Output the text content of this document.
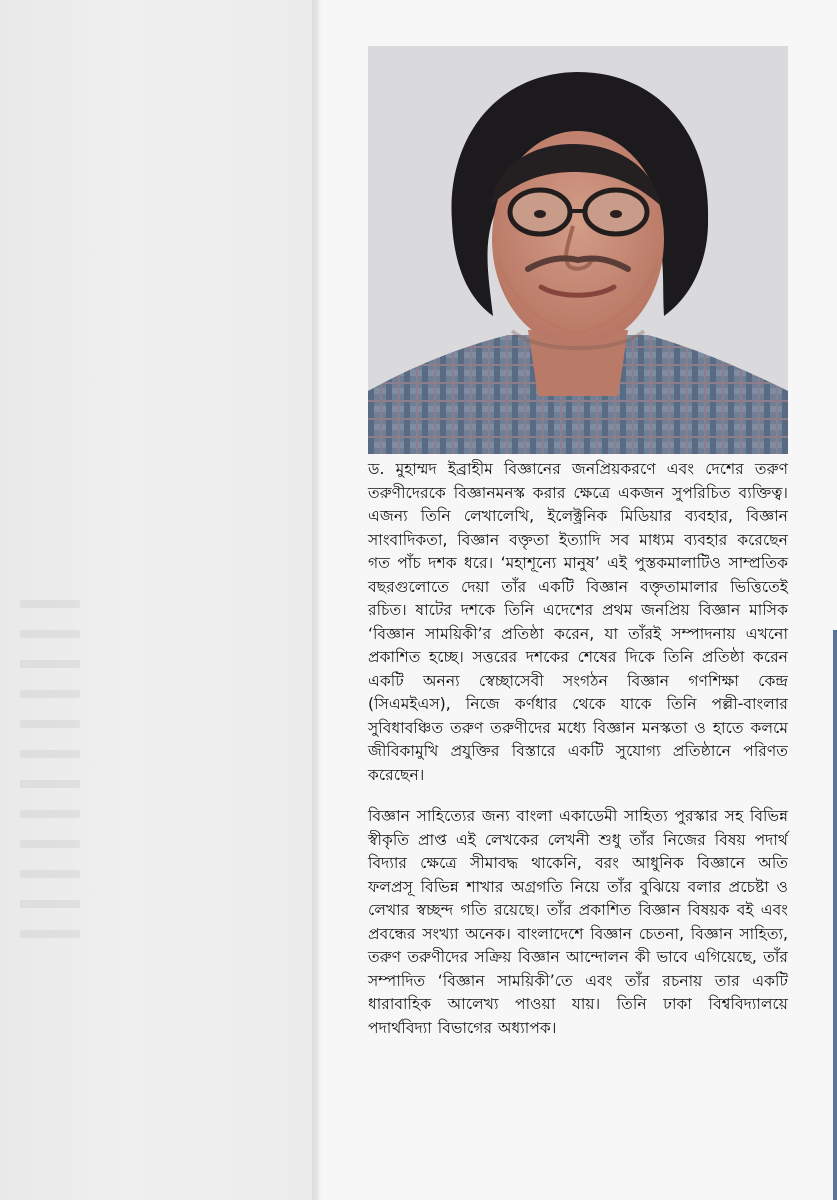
ড. মুহাম্মদ ইব্রাহীম বিজ্ঞানের জনপ্রিয়করণে এবং দেশের তরুণ তরুণীদেরকে বিজ্ঞানমনস্ক করার ক্ষেত্রে একজন সুপরিচিত ব্যক্তিত্ব। এজন্য তিনি লেখালেখি, ইলেক্ট্রনিক মিডিয়ার ব্যবহার, বিজ্ঞান সাংবাদিকতা, বিজ্ঞান বক্তৃতা ইত্যাদি সব মাধ্যম ব্যবহার করেছেন গত পাঁচ দশক ধরে। ‘মহাশূন্যে মানুষ’ এই পুস্তকমালাটিও সাম্প্রতিক বছরগুলোতে দেয়া তাঁর একটি বিজ্ঞান বক্তৃতামালার ভিত্তিতেই রচিত। ষাটের দশকে তিনি এদেশের প্রথম জনপ্রিয় বিজ্ঞান মাসিক ‘বিজ্ঞান সাময়িকী’র প্রতিষ্ঠা করেন, যা তাঁরই সম্পাদনায় এখনো প্রকাশিত হচ্ছে। সত্তরের দশকের শেষের দিকে তিনি প্রতিষ্ঠা করেন একটি অনন্য স্বেচ্ছাসেবী সংগঠন বিজ্ঞান গণশিক্ষা কেন্দ্র (সিএমইএস), নিজে কর্ণধার থেকে যাকে তিনি পল্লী-বাংলার সুবিধাবঞ্চিত তরুণ তরুণীদের মধ্যে বিজ্ঞান মনস্কতা ও হাতে কলমে জীবিকামুখি প্রযুক্তির বিস্তারে একটি সুযোগ্য প্রতিষ্ঠানে পরিণত করেছেন।

বিজ্ঞান সাহিত্যের জন্য বাংলা একাডেমী সাহিত্য পুরস্কার সহ বিভিন্ন স্বীকৃতি প্রাপ্ত এই লেখকের লেখনী শুধু তাঁর নিজের বিষয় পদার্থ বিদ্যার ক্ষেত্রে সীমাবদ্ধ থাকেনি, বরং আধুনিক বিজ্ঞানে অতি ফলপ্রসূ বিভিন্ন শাখার অগ্রগতি নিয়ে তাঁর বুঝিয়ে বলার প্রচেষ্টা ও লেখার স্বচ্ছন্দ গতি রয়েছে। তাঁর প্রকাশিত বিজ্ঞান বিষয়ক বই এবং প্রবন্ধের সংখ্যা অনেক। বাংলাদেশে বিজ্ঞান চেতনা, বিজ্ঞান সাহিত্য, তরুণ তরুণীদের সক্রিয় বিজ্ঞান আন্দোলন কী ভাবে এগিয়েছে, তাঁর সম্পাদিত ‘বিজ্ঞান সাময়িকী’তে এবং তাঁর রচনায় তার একটি ধারাবাহিক আলেখ্য পাওয়া যায়। তিনি ঢাকা বিশ্ববিদ্যালয়ে পদার্থবিদ্যা বিভাগের অধ্যাপক।
